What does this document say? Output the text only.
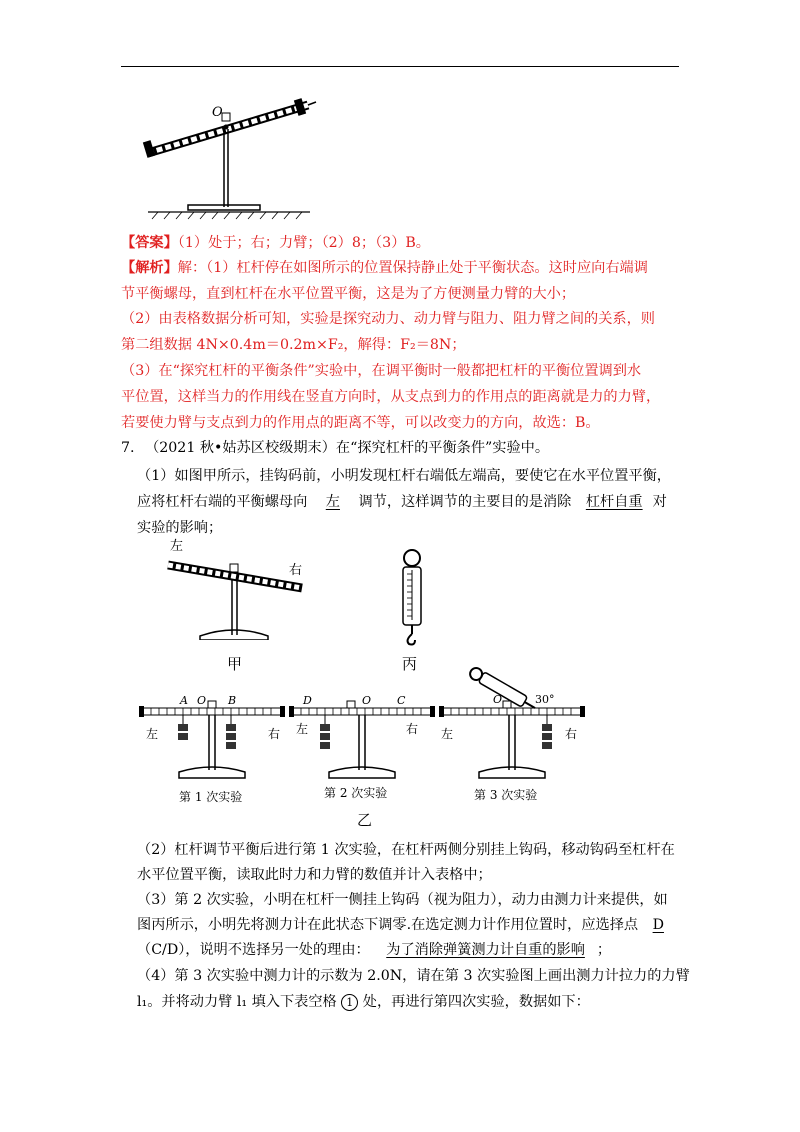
O
【答案】（1）处于；右；力臂；（2）8；（3）B。
【解析】解：（1）杠杆停在如图所示的位置保持静止处于平衡状态。这时应向右端调
节平衡螺母，直到杠杆在水平位置平衡，这是为了方便测量力臂的大小；
（2）由表格数据分析可知，实验是探究动力、动力臂与阻力、阻力臂之间的关系，则
第二组数据 4N×0.4m＝0.2m×F₂，解得：F₂＝8N；
（3）在“探究杠杆的平衡条件”实验中，在调平衡时一般都把杠杆的平衡位置调到水
平位置，这样当力的作用线在竖直方向时，从支点到力的作用点的距离就是力的力臂，
若要使力臂与支点到力的作用点的距离不等，可以改变力的方向，故选：B。
7. （2021 秋•姑苏区校级期末）在“探究杠杆的平衡条件”实验中。
（1）如图甲所示，挂钩码前，小明发现杠杆右端低左端高，要使它在水平位置平衡，
应将杠杆右端的平衡螺母向 左 调节，这样调节的主要目的是消除 杠杆自重 对
实验的影响；
左
右
甲	丙
A O B
左	右
第 1 次实验
D	O C
左	右
第 2 次实验
O	30°
左	右
第 3 次实验
乙
（2）杠杆调节平衡后进行第 1 次实验，在杠杆两侧分别挂上钩码，移动钩码至杠杆在
水平位置平衡，读取此时力和力臂的数值并计入表格中；
（3）第 2 次实验，小明在杠杆一侧挂上钩码（视为阻力），动力由测力计来提供，如
图丙所示，小明先将测力计在此状态下调零.在选定测力计作用位置时，应选择点 D
（C/D），说明不选择另一处的理由： 为了消除弹簧测力计自重的影响 ；
（4）第 3 次实验中测力计的示数为 2.0N，请在第 3 次实验图上画出测力计拉力的力臂
l₁。并将动力臂 l₁ 填入下表空格 1 处，再进行第四次实验，数据如下：
